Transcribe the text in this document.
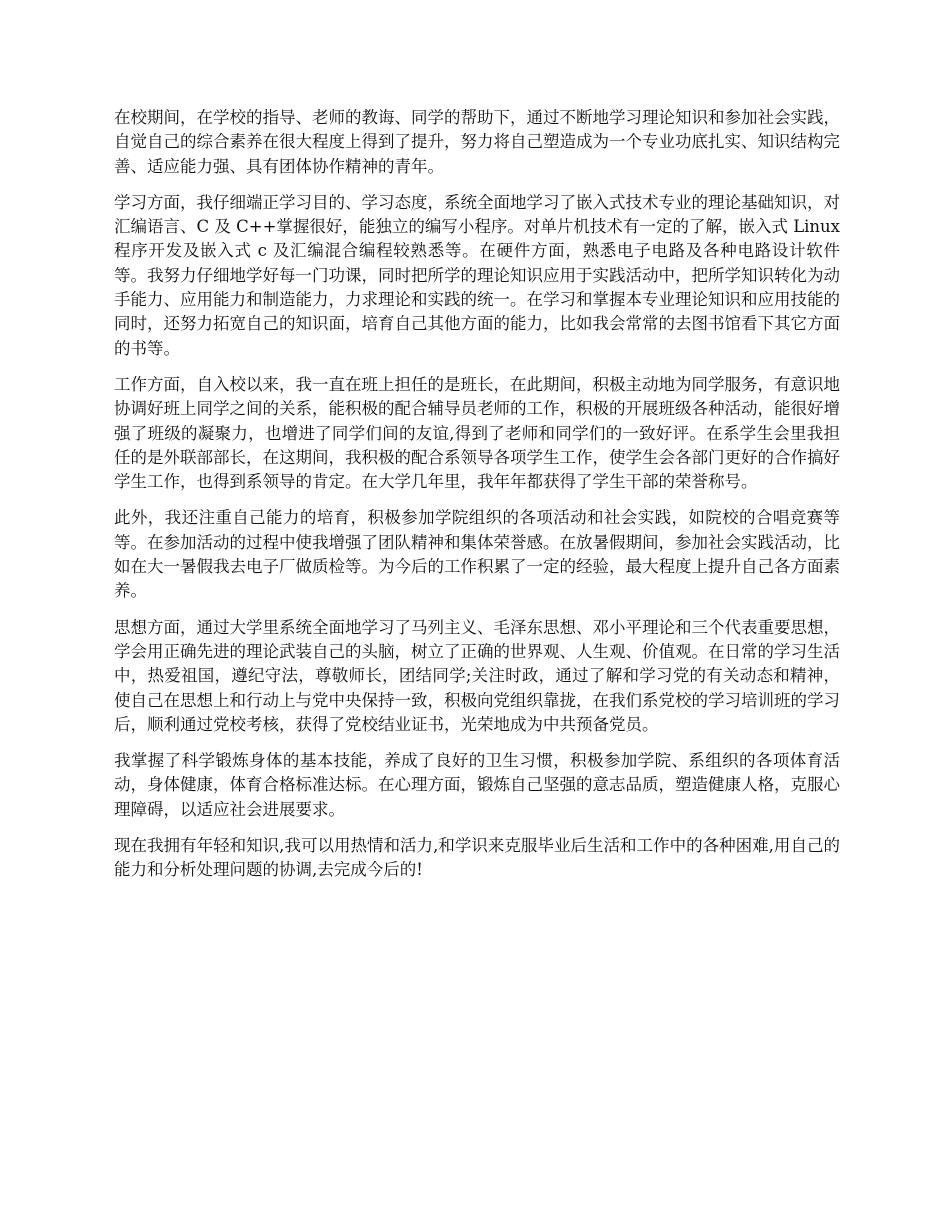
在校期间，在学校的指导、老师的教诲、同学的帮助下，通过不断地学习理论知识和参加社会实践，自觉自己的综合素养在很大程度上得到了提升，努力将自己塑造成为一个专业功底扎实、知识结构完善、适应能力强、具有团体协作精神的青年。

学习方面，我仔细端正学习目的、学习态度，系统全面地学习了嵌入式技术专业的理论基础知识，对汇编语言、C 及 C++掌握很好，能独立的编写小程序。对单片机技术有一定的了解，嵌入式 Linux 程序开发及嵌入式 c 及汇编混合编程较熟悉等。在硬件方面，熟悉电子电路及各种电路设计软件等。我努力仔细地学好每一门功课，同时把所学的理论知识应用于实践活动中，把所学知识转化为动手能力、应用能力和制造能力，力求理论和实践的统一。在学习和掌握本专业理论知识和应用技能的同时，还努力拓宽自己的知识面，培育自己其他方面的能力，比如我会常常的去图书馆看下其它方面的书等。

工作方面，自入校以来，我一直在班上担任的是班长，在此期间，积极主动地为同学服务，有意识地协调好班上同学之间的关系，能积极的配合辅导员老师的工作，积极的开展班级各种活动，能很好增强了班级的凝聚力，也增进了同学们间的友谊,得到了老师和同学们的一致好评。在系学生会里我担任的是外联部部长，在这期间，我积极的配合系领导各项学生工作，使学生会各部门更好的合作搞好学生工作，也得到系领导的肯定。在大学几年里，我年年都获得了学生干部的荣誉称号。

此外，我还注重自己能力的培育，积极参加学院组织的各项活动和社会实践，如院校的合唱竞赛等等。在参加活动的过程中使我增强了团队精神和集体荣誉感。在放暑假期间，参加社会实践活动，比如在大一暑假我去电子厂做质检等。为今后的工作积累了一定的经验，最大程度上提升自己各方面素养。

思想方面，通过大学里系统全面地学习了马列主义、毛泽东思想、邓小平理论和三个代表重要思想，学会用正确先进的理论武装自己的头脑，树立了正确的世界观、人生观、价值观。在日常的学习生活中，热爱祖国，遵纪守法，尊敬师长，团结同学;关注时政，通过了解和学习党的有关动态和精神，使自己在思想上和行动上与党中央保持一致，积极向党组织靠拢，在我们系党校的学习培训班的学习后，顺利通过党校考核，获得了党校结业证书，光荣地成为中共预备党员。

我掌握了科学锻炼身体的基本技能，养成了良好的卫生习惯，积极参加学院、系组织的各项体育活动，身体健康，体育合格标准达标。在心理方面，锻炼自己坚强的意志品质，塑造健康人格，克服心理障碍，以适应社会进展要求。

现在我拥有年轻和知识,我可以用热情和活力,和学识来克服毕业后生活和工作中的各种困难,用自己的能力和分析处理问题的协调,去完成今后的!
